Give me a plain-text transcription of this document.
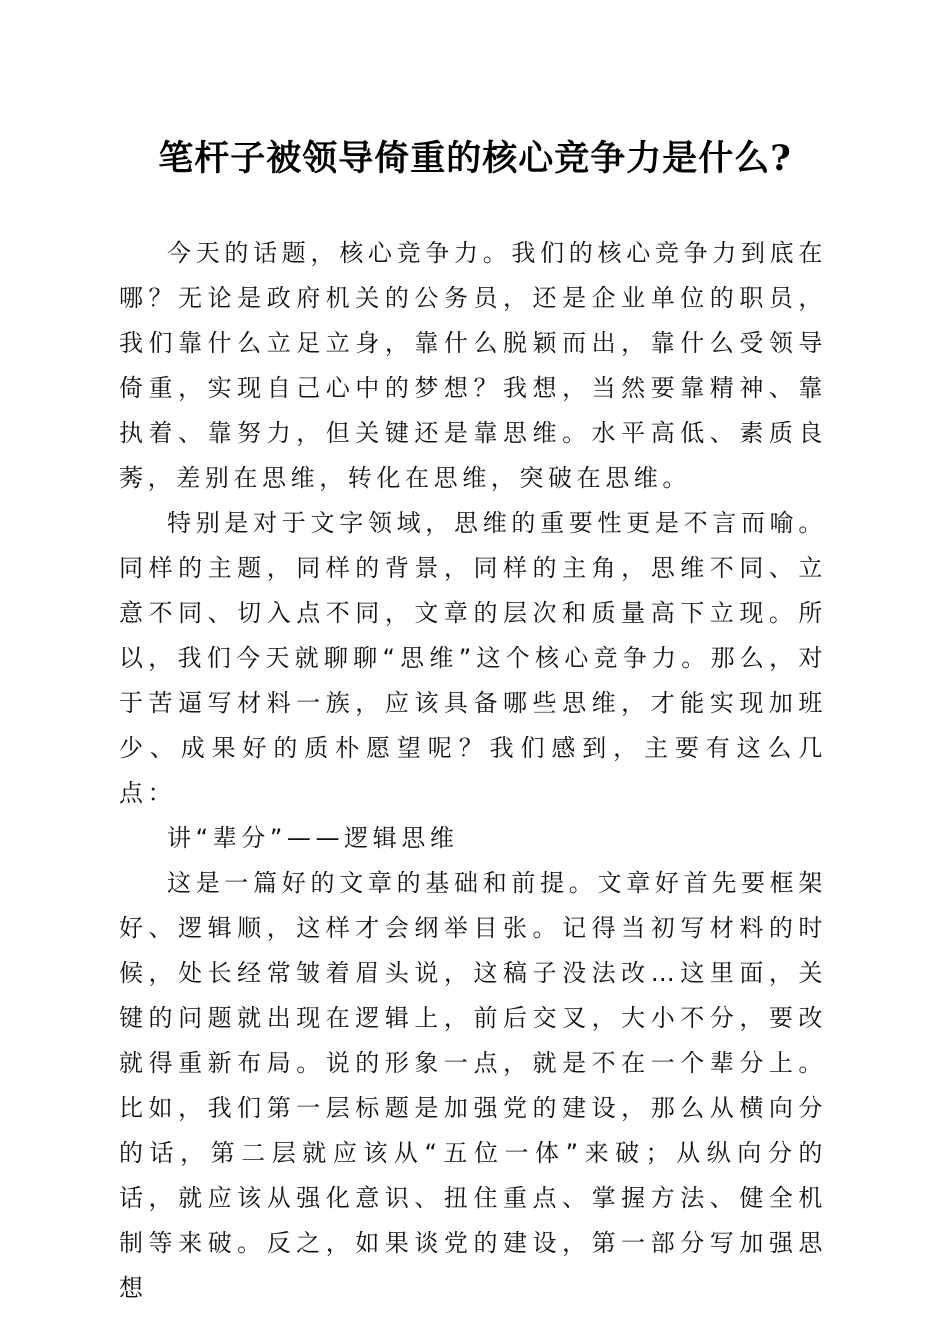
笔杆子被领导倚重的核心竞争力是什么?

今天的话题，核心竞争力。我们的核心竞争力到底在哪？无论是政府机关的公务员，还是企业单位的职员，我们靠什么立足立身，靠什么脱颖而出，靠什么受领导倚重，实现自己心中的梦想？我想，当然要靠精神、靠执着、靠努力，但关键还是靠思维。水平高低、素质良莠，差别在思维，转化在思维，突破在思维。

特别是对于文字领域，思维的重要性更是不言而喻。同样的主题，同样的背景，同样的主角，思维不同、立意不同、切入点不同，文章的层次和质量高下立现。所以，我们今天就聊聊“思维”这个核心竞争力。那么，对于苦逼写材料一族，应该具备哪些思维，才能实现加班少、成果好的质朴愿望呢？我们感到，主要有这么几点：

讲“辈分”——逻辑思维

这是一篇好的文章的基础和前提。文章好首先要框架好、逻辑顺，这样才会纲举目张。记得当初写材料的时候，处长经常皱着眉头说，这稿子没法改…这里面，关键的问题就出现在逻辑上，前后交叉，大小不分，要改就得重新布局。说的形象一点，就是不在一个辈分上。比如，我们第一层标题是加强党的建设，那么从横向分的话，第二层就应该从“五位一体”来破；从纵向分的话，就应该从强化意识、扭住重点、掌握方法、健全机制等来破。反之，如果谈党的建设，第一部分写加强思想
